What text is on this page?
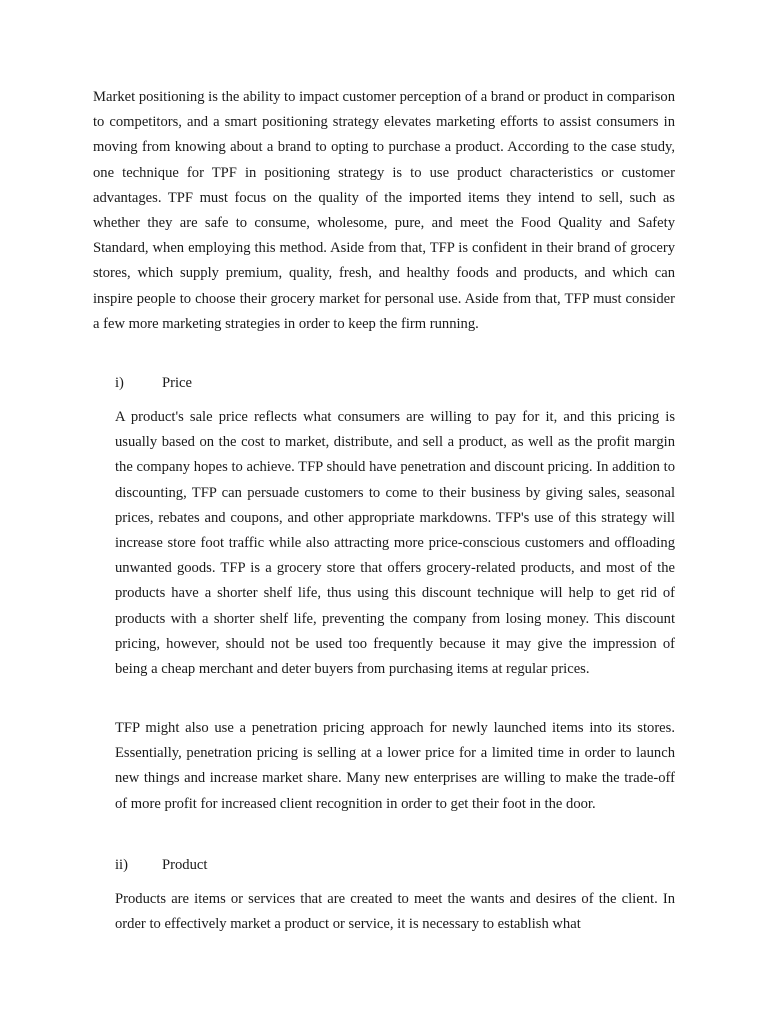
Market positioning is the ability to impact customer perception of a brand or product in comparison to competitors, and a smart positioning strategy elevates marketing efforts to assist consumers in moving from knowing about a brand to opting to purchase a product. According to the case study, one technique for TPF in positioning strategy is to use product characteristics or customer advantages. TPF must focus on the quality of the imported items they intend to sell, such as whether they are safe to consume, wholesome, pure, and meet the Food Quality and Safety Standard, when employing this method. Aside from that, TFP is confident in their brand of grocery stores, which supply premium, quality, fresh, and healthy foods and products, and which can inspire people to choose their grocery market for personal use. Aside from that, TFP must consider a few more marketing strategies in order to keep the firm running.

i)	Price

A product's sale price reflects what consumers are willing to pay for it, and this pricing is usually based on the cost to market, distribute, and sell a product, as well as the profit margin the company hopes to achieve. TFP should have penetration and discount pricing. In addition to discounting, TFP can persuade customers to come to their business by giving sales, seasonal prices, rebates and coupons, and other appropriate markdowns. TFP's use of this strategy will increase store foot traffic while also attracting more price-conscious customers and offloading unwanted goods. TFP is a grocery store that offers grocery-related products, and most of the products have a shorter shelf life, thus using this discount technique will help to get rid of products with a shorter shelf life, preventing the company from losing money. This discount pricing, however, should not be used too frequently because it may give the impression of being a cheap merchant and deter buyers from purchasing items at regular prices.

TFP might also use a penetration pricing approach for newly launched items into its stores. Essentially, penetration pricing is selling at a lower price for a limited time in order to launch new things and increase market share. Many new enterprises are willing to make the trade-off of more profit for increased client recognition in order to get their foot in the door.

ii) Product

Products are items or services that are created to meet the wants and desires of the client. In order to effectively market a product or service, it is necessary to establish what
